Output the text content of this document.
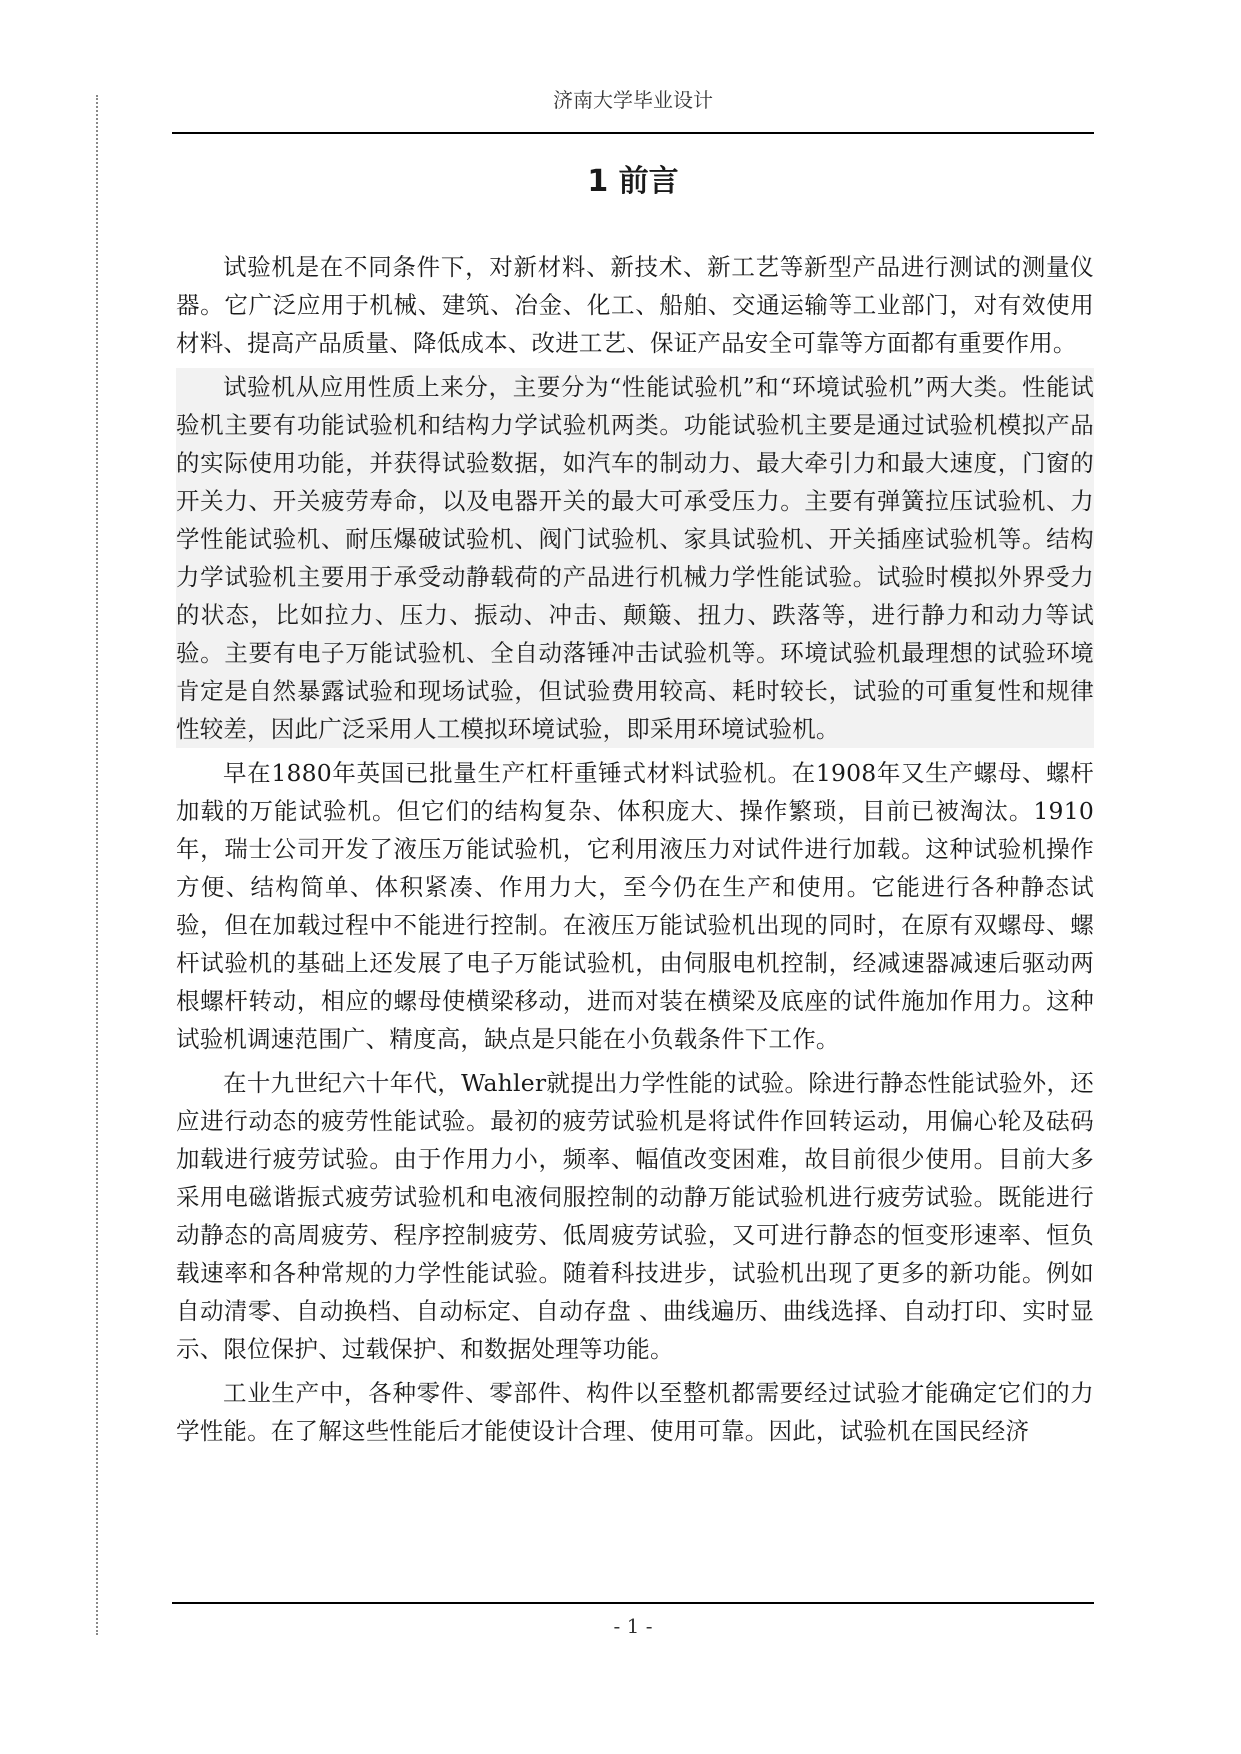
济南大学毕业设计
1 前言

试验机是在不同条件下，对新材料、新技术、新工艺等新型产品进行测试的测量仪器。它广泛应用于机械、建筑、冶金、化工、船舶、交通运输等工业部门，对有效使用材料、提高产品质量、降低成本、改进工艺、保证产品安全可靠等方面都有重要作用。

试验机从应用性质上来分，主要分为“性能试验机”和“环境试验机”两大类。性能试验机主要有功能试验机和结构力学试验机两类。功能试验机主要是通过试验机模拟产品的实际使用功能，并获得试验数据，如汽车的制动力、最大牵引力和最大速度，门窗的开关力、开关疲劳寿命，以及电器开关的最大可承受压力。主要有弹簧拉压试验机、力学性能试验机、耐压爆破试验机、阀门试验机、家具试验机、开关插座试验机等。结构力学试验机主要用于承受动静载荷的产品进行机械力学性能试验。试验时模拟外界受力的状态，比如拉力、压力、振动、冲击、颠簸、扭力、跌落等，进行静力和动力等试验。主要有电子万能试验机、全自动落锤冲击试验机等。环境试验机最理想的试验环境肯定是自然暴露试验和现场试验，但试验费用较高、耗时较长，试验的可重复性和规律性较差，因此广泛采用人工模拟环境试验，即采用环境试验机。

早在1880年英国已批量生产杠杆重锤式材料试验机。在1908年又生产螺母、螺杆加载的万能试验机。但它们的结构复杂、体积庞大、操作繁琐，目前已被淘汰。1910年，瑞士公司开发了液压万能试验机，它利用液压力对试件进行加载。这种试验机操作方便、结构简单、体积紧凑、作用力大，至今仍在生产和使用。它能进行各种静态试验，但在加载过程中不能进行控制。在液压万能试验机出现的同时，在原有双螺母、螺杆试验机的基础上还发展了电子万能试验机，由伺服电机控制，经减速器减速后驱动两根螺杆转动，相应的螺母使横梁移动，进而对装在横梁及底座的试件施加作用力。这种试验机调速范围广、精度高，缺点是只能在小负载条件下工作。

在十九世纪六十年代，Wahler就提出力学性能的试验。除进行静态性能试验外，还应进行动态的疲劳性能试验。最初的疲劳试验机是将试件作回转运动，用偏心轮及砝码加载进行疲劳试验。由于作用力小，频率、幅值改变困难，故目前很少使用。目前大多采用电磁谐振式疲劳试验机和电液伺服控制的动静万能试验机进行疲劳试验。既能进行动静态的高周疲劳、程序控制疲劳、低周疲劳试验，又可进行静态的恒变形速率、恒负载速率和各种常规的力学性能试验。随着科技进步，试验机出现了更多的新功能。例如自动清零、自动换档、自动标定、自动存盘 、曲线遍历、曲线选择、自动打印、实时显示、限位保护、过载保护、和数据处理等功能。

工业生产中，各种零件、零部件、构件以至整机都需要经过试验才能确定它们的力学性能。在了解这些性能后才能使设计合理、使用可靠。因此，试验机在国民经济

- 1 -
